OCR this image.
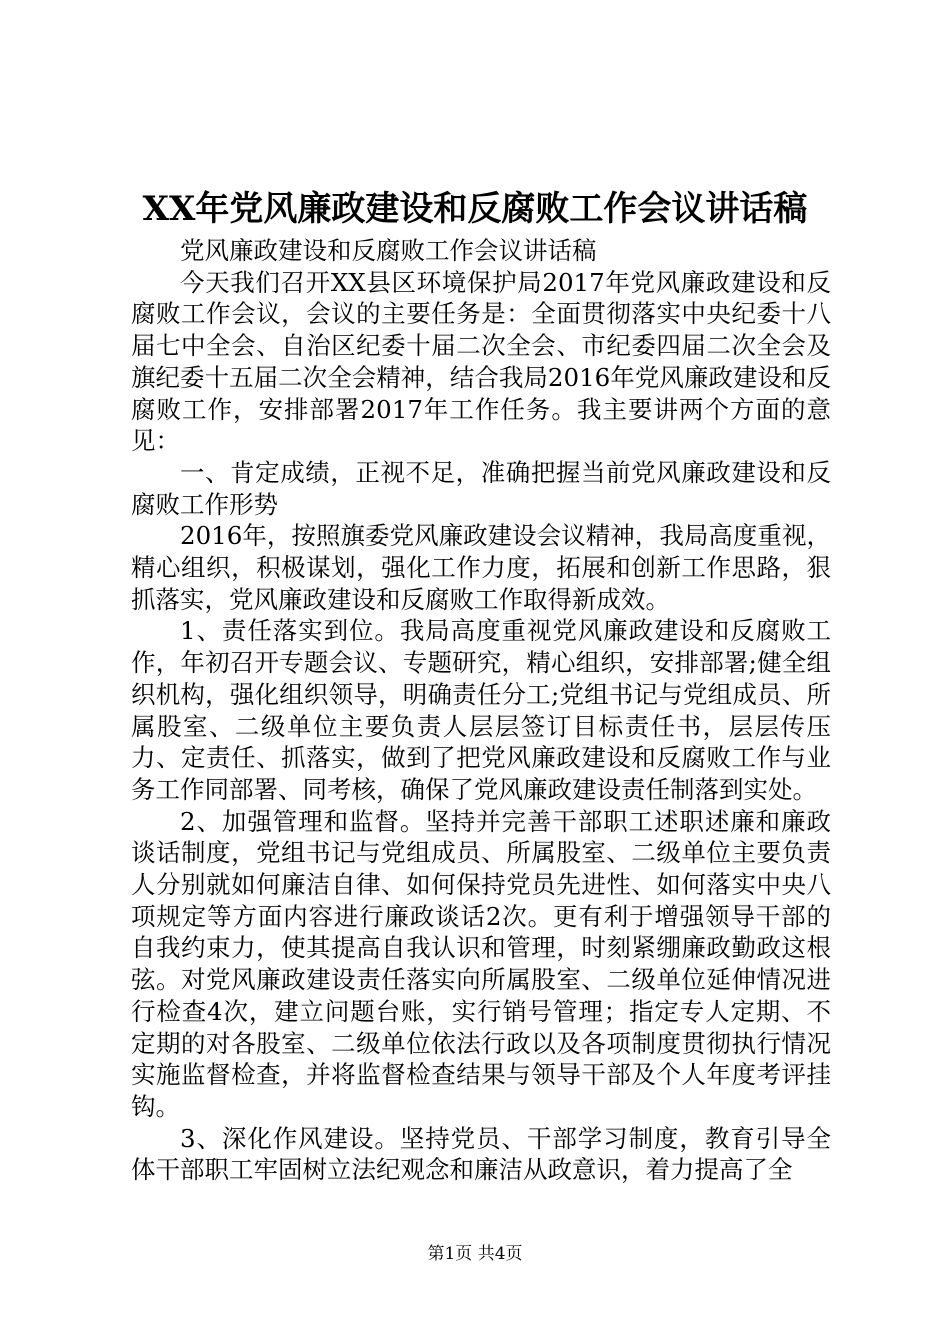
XX年党风廉政建设和反腐败工作会议讲话稿

党风廉政建设和反腐败工作会议讲话稿

今天我们召开XX县区环境保护局2017年党风廉政建设和反腐败工作会议，会议的主要任务是：全面贯彻落实中央纪委十八届七中全会、自治区纪委十届二次全会、市纪委四届二次全会及旗纪委十五届二次全会精神，结合我局2016年党风廉政建设和反腐败工作，安排部署2017年工作任务。我主要讲两个方面的意见：

一、肯定成绩，正视不足，准确把握当前党风廉政建设和反腐败工作形势

2016年，按照旗委党风廉政建设会议精神，我局高度重视，精心组织，积极谋划，强化工作力度，拓展和创新工作思路，狠抓落实，党风廉政建设和反腐败工作取得新成效。

1、责任落实到位。我局高度重视党风廉政建设和反腐败工作，年初召开专题会议、专题研究，精心组织，安排部署;健全组织机构，强化组织领导，明确责任分工;党组书记与党组成员、所属股室、二级单位主要负责人层层签订目标责任书，层层传压力、定责任、抓落实，做到了把党风廉政建设和反腐败工作与业务工作同部署、同考核，确保了党风廉政建设责任制落到实处。

2、加强管理和监督。坚持并完善干部职工述职述廉和廉政谈话制度，党组书记与党组成员、所属股室、二级单位主要负责人分别就如何廉洁自律、如何保持党员先进性、如何落实中央八项规定等方面内容进行廉政谈话2次。更有利于增强领导干部的自我约束力，使其提高自我认识和管理，时刻紧绷廉政勤政这根弦。对党风廉政建设责任落实向所属股室、二级单位延伸情况进行检查4次，建立问题台账，实行销号管理；指定专人定期、不定期的对各股室、二级单位依法行政以及各项制度贯彻执行情况实施监督检查，并将监督检查结果与领导干部及个人年度考评挂钩。

3、深化作风建设。坚持党员、干部学习制度，教育引导全体干部职工牢固树立法纪观念和廉洁从政意识，着力提高了全

第1页 共4页
